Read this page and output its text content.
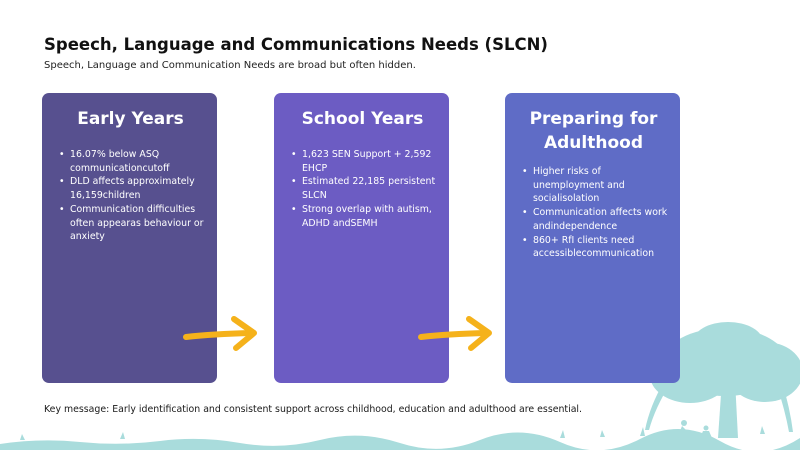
Speech, Language and Communications Needs (SLCN)
Speech, Language and Communication Needs are broad but often hidden.
Early Years
• 16.07% below ASQ communicationcutoff
• DLD affects approximately 16,159children
• Communication difficulties often appearas behaviour or anxiety
School Years
• 1,623 SEN Support + 2,592 EHCP
• Estimated 22,185 persistent SLCN
• Strong overlap with autism, ADHD andSEMH
Preparing for
Adulthood
• Higher risks of unemployment and socialisolation
• Communication affects work andindependence
• 860+ RfI clients need accessiblecommunication
Key message: Early identification and consistent support across childhood, education and adulthood are essential.
